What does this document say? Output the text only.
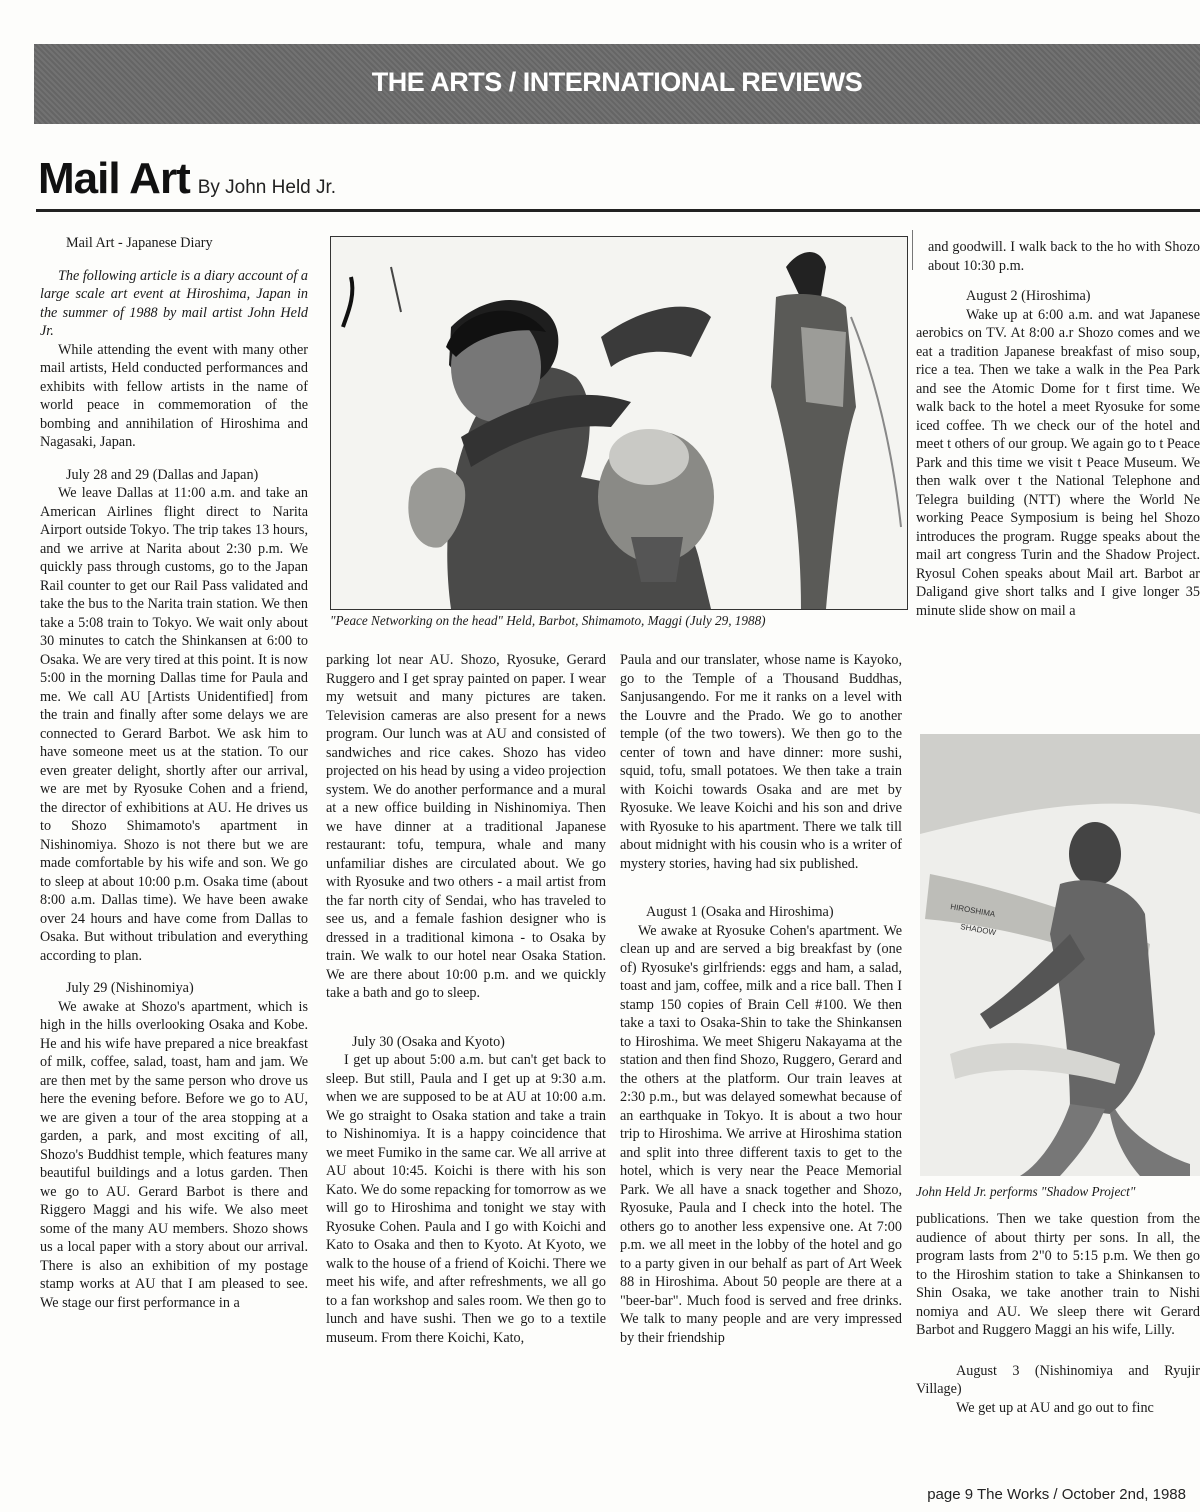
THE ARTS / INTERNATIONAL REVIEWS
Mail Art By John Held Jr.
Mail Art - Japanese Diary

The following article is a diary account of a large scale art event at Hiroshima, Japan in the summer of 1988 by mail artist John Held Jr.

While attending the event with many other mail artists, Held conducted performances and exhibits with fellow artists in the name of world peace in commemoration of the bombing and annihilation of Hiroshima and Nagasaki, Japan.

July 28 and 29 (Dallas and Japan)

We leave Dallas at 11:00 a.m. and take an American Airlines flight direct to Narita Airport outside Tokyo. The trip takes 13 hours, and we arrive at Narita about 2:30 p.m. We quickly pass through customs, go to the Japan Rail counter to get our Rail Pass validated and take the bus to the Narita train station. We then take a 5:08 train to Tokyo. We wait only about 30 minutes to catch the Shinkansen at 6:00 to Osaka. We are very tired at this point. It is now 5:00 in the morning Dallas time for Paula and me. We call AU [Artists Unidentified] from the train and finally after some delays we are connected to Gerard Barbot. We ask him to have someone meet us at the station. To our even greater delight, shortly after our arrival, we are met by Ryosuke Cohen and a friend, the director of exhibitions at AU. He drives us to Shozo Shimamoto's apartment in Nishinomiya. Shozo is not there but we are made comfortable by his wife and son. We go to sleep at about 10:00 p.m. Osaka time (about 8:00 a.m. Dallas time). We have been awake over 24 hours and have come from Dallas to Osaka. But without tribulation and everything according to plan.

July 29 (Nishinomiya)

We awake at Shozo's apartment, which is high in the hills overlooking Osaka and Kobe. He and his wife have prepared a nice breakfast of milk, coffee, salad, toast, ham and jam. We are then met by the same person who drove us here the evening before. Before we go to AU, we are given a tour of the area stopping at a garden, a park, and most exciting of all, Shozo's Buddhist temple, which features many beautiful buildings and a lotus garden. Then we go to AU. Gerard Barbot is there and Riggero Maggi and his wife. We also meet some of the many AU members. Shozo shows us a local paper with a story about our arrival. There is also an exhibition of my postage stamp works at AU that I am pleased to see. We stage our first performance in a

"Peace Networking on the head" Held, Barbot, Shimamoto, Maggi (July 29, 1988)

parking lot near AU. Shozo, Ryosuke, Gerard Ruggero and I get spray painted on paper. I wear my wetsuit and many pictures are taken. Television cameras are also present for a news program. Our lunch was at AU and consisted of sandwiches and rice cakes. Shozo has video projected on his head by using a video projection system. We do another performance and a mural at a new office building in Nishinomiya. Then we have dinner at a traditional Japanese restaurant: tofu, tempura, whale and many unfamiliar dishes are circulated about. We go with Ryosuke and two others - a mail artist from the far north city of Sendai, who has traveled to see us, and a female fashion designer who is dressed in a traditional kimona - to Osaka by train. We walk to our hotel near Osaka Station. We are there about 10:00 p.m. and we quickly take a bath and go to sleep.

July 30 (Osaka and Kyoto)

I get up about 5:00 a.m. but can't get back to sleep. But still, Paula and I get up at 9:30 a.m. when we are supposed to be at AU at 10:00 a.m. We go straight to Osaka station and take a train to Nishinomiya. It is a happy coincidence that we meet Fumiko in the same car. We all arrive at AU about 10:45. Koichi is there with his son Kato. We do some repacking for tomorrow as we will go to Hiroshima and tonight we stay with Ryosuke Cohen. Paula and I go with Koichi and Kato to Osaka and then to Kyoto. At Kyoto, we walk to the house of a friend of Koichi. There we meet his wife, and after refreshments, we all go to a fan workshop and sales room. We then go to lunch and have sushi. Then we go to a textile museum. From there Koichi, Kato,

Paula and our translater, whose name is Kayoko, go to the Temple of a Thousand Buddhas, Sanjusangendo. For me it ranks on a level with the Louvre and the Prado. We go to another temple (of the two towers). We then go to the center of town and have dinner: more sushi, squid, tofu, small potatoes. We then take a train with Koichi towards Osaka and are met by Ryosuke. We leave Koichi and his son and drive with Ryosuke to his apartment. There we talk till about midnight with his cousin who is a writer of mystery stories, having had six published.

August 1 (Osaka and Hiroshima)

We awake at Ryosuke Cohen's apartment. We clean up and are served a big breakfast by (one of) Ryosuke's girlfriends: eggs and ham, a salad, toast and jam, coffee, milk and a rice ball. Then I stamp 150 copies of Brain Cell #100. We then take a taxi to Osaka-Shin to take the Shinkansen to Hiroshima. We meet Shigeru Nakayama at the station and then find Shozo, Ruggero, Gerard and the others at the platform. Our train leaves at 2:30 p.m., but was delayed somewhat because of an earthquake in Tokyo. It is about a two hour trip to Hiroshima. We arrive at Hiroshima station and split into three different taxis to get to the hotel, which is very near the Peace Memorial Park. We all have a snack together and Shozo, Ryosuke, Paula and I check into the hotel. The others go to another less expensive one. At 7:00 p.m. we all meet in the lobby of the hotel and go to a party given in our behalf as part of Art Week 88 in Hiroshima. About 50 people are there at a "beer-bar". Much food is served and free drinks. We talk to many people and are very impressed by their friendship

and goodwill. I walk back to the ho with Shozo about 10:30 p.m.

August 2 (Hiroshima)

Wake up at 6:00 a.m. and wat Japanese aerobics on TV. At 8:00 a.r Shozo comes and we eat a tradition Japanese breakfast of miso soup, rice a tea. Then we take a walk in the Pea Park and see the Atomic Dome for t first time. We walk back to the hotel a meet Ryosuke for some iced coffee. Th we check our of the hotel and meet t others of our group. We again go to t Peace Park and this time we visit t Peace Museum. We then walk over t the National Telephone and Telegra building (NTT) where the World Ne working Peace Symposium is being hel Shozo introduces the program. Rugge speaks about the mail art congress Turin and the Shadow Project. Ryosul Cohen speaks about Mail art. Barbot ar Daligand give short talks and I give longer 35 minute slide show on mail a

HIROSHIMA
SHADOW
John Held Jr. performs "Shadow Project"

publications. Then we take question from the audience of about thirty per sons. In all, the program lasts from 2"0 to 5:15 p.m. We then go to the Hiroshim station to take a Shinkansen to Shin Osaka, we take another train to Nishi nomiya and AU. We sleep there wit Gerard Barbot and Ruggero Maggi an his wife, Lilly.

August 3 (Nishinomiya and Ryujir Village)

We get up at AU and go out to finc

page 9 The Works / October 2nd, 1988
